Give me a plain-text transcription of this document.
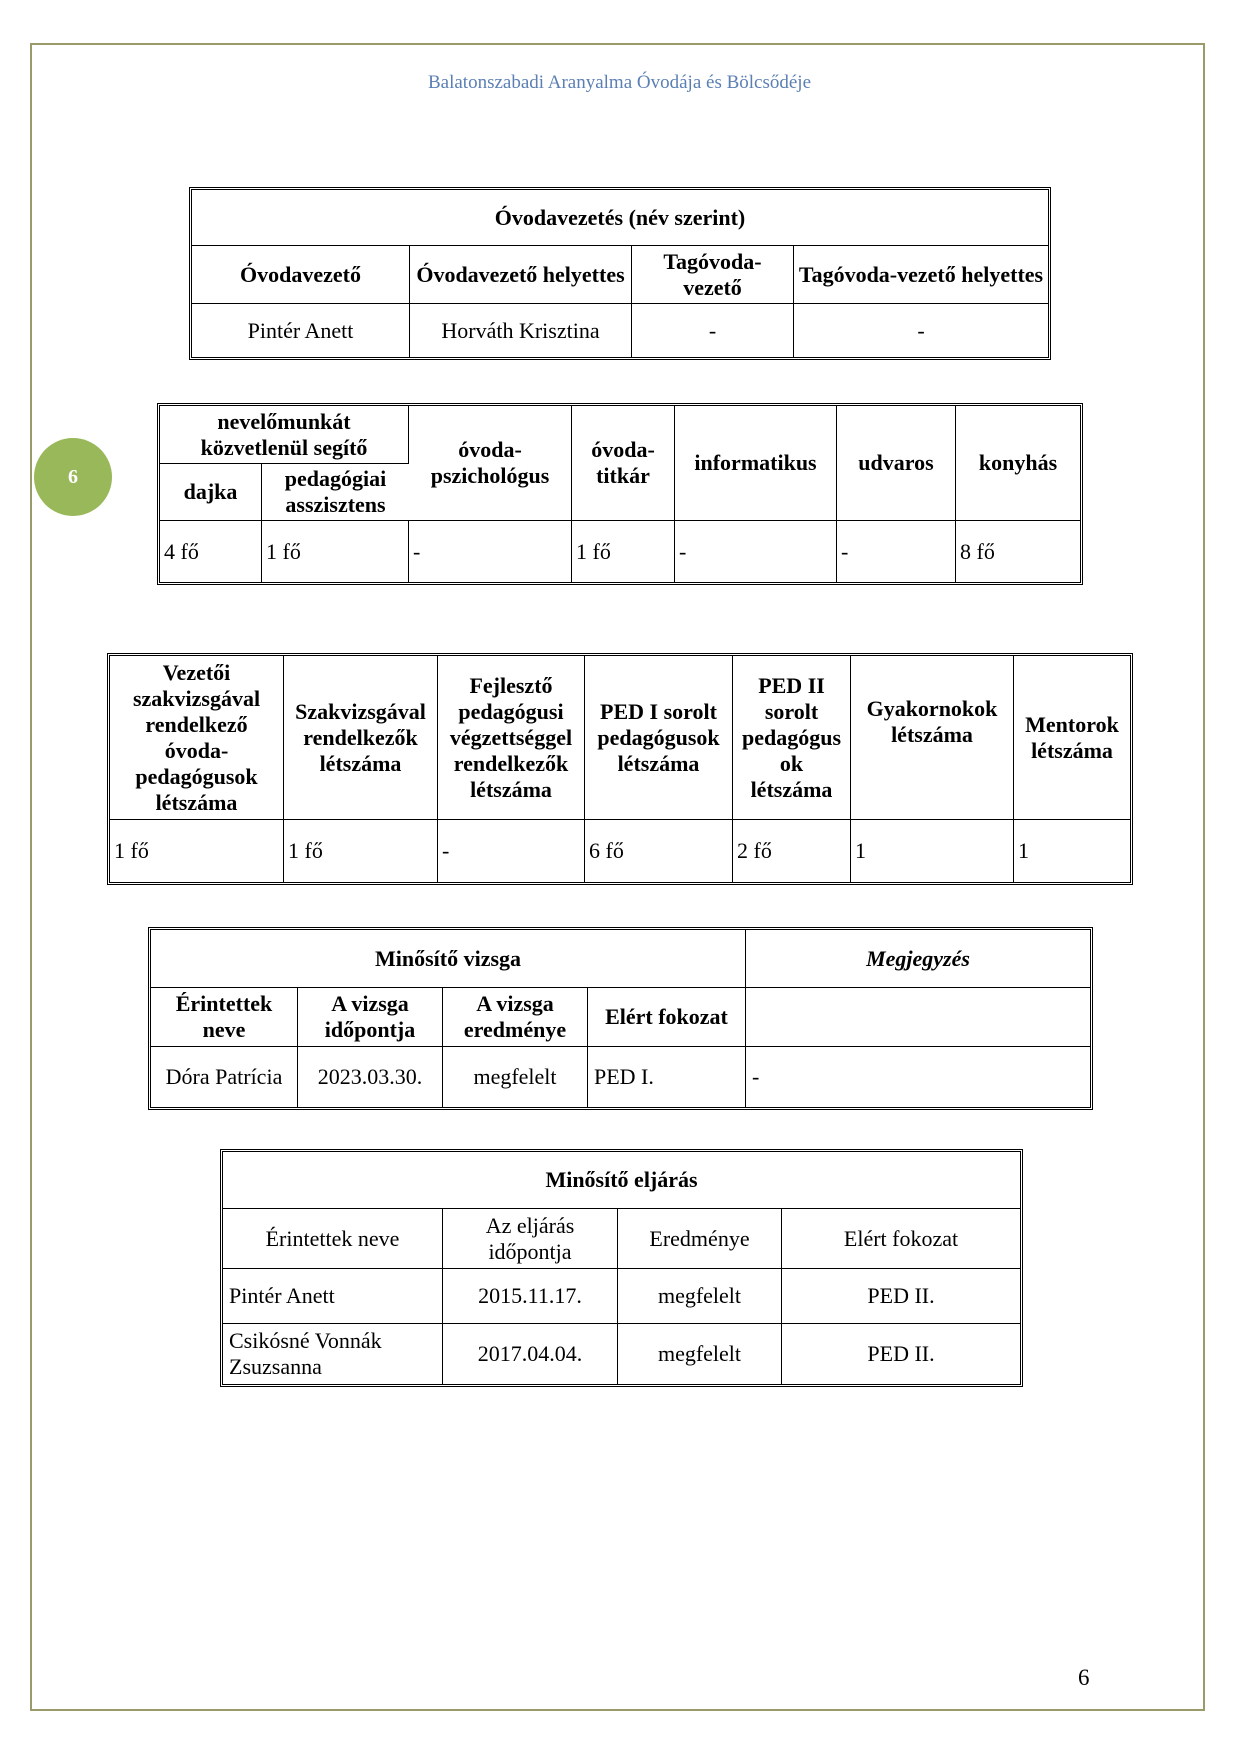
Balatonszabadi Aranyalma Óvodája és Bölcsődéje
6
Óvodavezetés (név szerint)			
Óvodavezető	Óvodavezető helyettes	Tagóvoda-vezető	Tagóvoda-vezető helyettes
Pintér Anett	Horváth Krisztina	-	-
nevelőmunkát közvetlenül segítő		óvoda-pszichológus	óvoda-titkár	informatikus	udvaros	konyhás
dajka	pedagógiai asszisztens					
4 fő	1 fő	-	1 fő	-	-	8 fő
Vezetői szakvizsgával rendelkező óvoda-pedagógusok létszáma	Szakvizsgával rendelkezők létszáma	Fejlesztő pedagógusi végzettséggel rendelkezők létszáma	PED I sorolt pedagógusok létszáma	PED II sorolt pedagógus ok létszáma	Gyakornokok létszáma	Mentorok létszáma
1 fő	1 fő	-	6 fő	2 fő	1	1
Minősítő vizsga				Megjegyzés
Érintettek neve	A vizsga időpontja	A vizsga eredménye	Elért fokozat	
Dóra Patrícia	2023.03.30.	megfelelt	PED I.	-
Minősítő eljárás			
Érintettek neve	Az eljárás időpontja	Eredménye	Elért fokozat
Pintér Anett	2015.11.17.	megfelelt	PED II.
Csikósné Vonnák Zsuzsanna	2017.04.04.	megfelelt	PED II.
6
